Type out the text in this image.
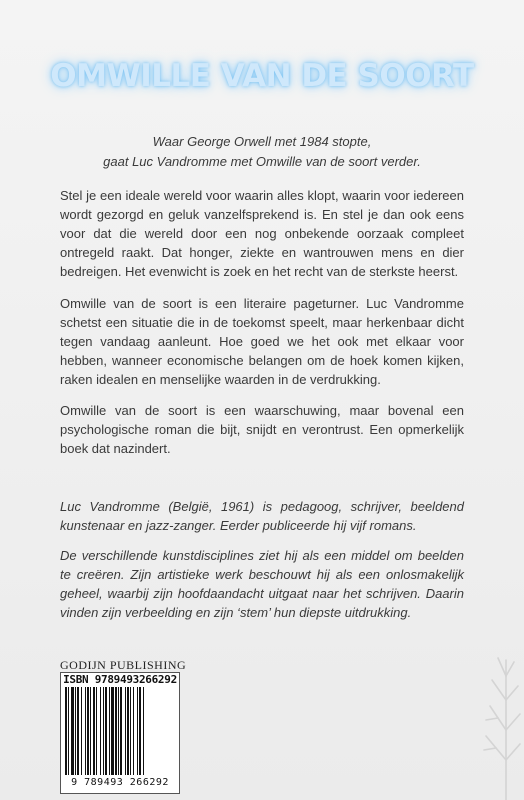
OMWILLE VAN DE SOORT
Waar George Orwell met 1984 stopte,
gaat Luc Vandromme met Omwille van de soort verder.
Stel je een ideale wereld voor waarin alles klopt, waarin voor iedereen wordt gezorgd en geluk vanzelfsprekend is. En stel je dan ook eens voor dat die wereld door een nog onbekende oorzaak compleet ontregeld raakt. Dat honger, ziekte en wantrouwen mens en dier bedreigen. Het evenwicht is zoek en het recht van de sterkste heerst.
Omwille van de soort is een literaire pageturner. Luc Vandromme schetst een situatie die in de toekomst speelt, maar herkenbaar dicht tegen vandaag aanleunt. Hoe goed we het ook met elkaar voor hebben, wanneer economische belangen om de hoek komen kijken, raken idealen en menselijke waarden in de verdrukking.
Omwille van de soort is een waarschuwing, maar bovenal een psychologische roman die bijt, snijdt en verontrust. Een opmerkelijk boek dat nazindert.
Luc Vandromme (België, 1961) is pedagoog, schrijver, beeldend kunstenaar en jazz-zanger. Eerder publiceerde hij vijf romans.
De verschillende kunstdisciplines ziet hij als een middel om beelden te creëren. Zijn artistieke werk beschouwt hij als een onlosmakelijk geheel, waarbij zijn hoofdaandacht uitgaat naar het schrijven. Daarin vinden zijn verbeelding en zijn ‘stem’ hun diepste uitdrukking.
GODIJN PUBLISHING
ISBN 9789493266292
9 789493 266292
